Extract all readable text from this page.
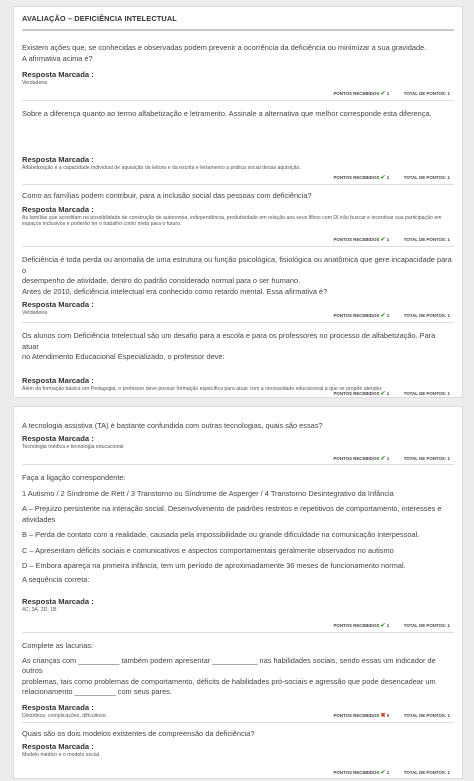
AVALIAÇÃO – DEFICIÊNCIA INTELECTUAL

Existem ações que, se conhecidas e observadas podem prevenir a ocorrência da deficiência ou minimizar a sua gravidade.

A afirmativa acima é?

Resposta Marcada :
Verdadeira
PONTOS RECEBIDOS ✔ 1	TOTAL DE PONTOS: 1

Sobre a diferença quanto ao termo alfabetização e letramento. Assinale a alternativa que melhor corresponde esta diferença.

Resposta Marcada :
Alfabetização é a capacidade individual de aquisição da leitura e da escrita e letramento a prática social dessa aquisição.
PONTOS RECEBIDOS ✔ 1	TOTAL DE PONTOS: 1

Como as famílias podem contribuir, para a inclusão social das pessoas com deficiência?

Resposta Marcada :
As famílias que acreditam na possibilidade de construção de autonomia, independência, produtividade em relação aos seus filhos com DI irão buscar e incentivar sua participação em espaços inclusivos e poderão ter o trabalho como meta para o futuro.
PONTOS RECEBIDOS ✔ 1	TOTAL DE PONTOS: 1

Deficiência é toda perda ou anomalia de uma estrutura ou função psicológica, fisiológica ou anatômica que gere incapacidade para o

desempenho de atividade, dentro do padrão considerado normal para o ser humano.

Antes de 2010, deficiência intelectual era conhecido como retardo mental. Essa afirmativa é?

Resposta Marcada :
Verdadeira	PONTOS RECEBIDOS ✔ 1	TOTAL DE PONTOS: 1

Os alunos com Deficiência Intelectual são um desafio para a escola e para os professores no processo de alfabetização. Para atuar

no Atendimento Educacional Especializado, o professor deve:

Resposta Marcada :
Além da formação básica em Pedagogia, o professor deve possuir formação específica para atuar com a necessidade educacional a que se propõe atender.
PONTOS RECEBIDOS ✔ 1	TOTAL DE PONTOS: 1

A tecnologia assistiva (TA) é bastante confundida com outras tecnologias, quais são essas?

Resposta Marcada :
Tecnologia médica e tecnologia educacional
PONTOS RECEBIDOS ✔ 1	TOTAL DE PONTOS: 1

Faça a ligação correspondente:

1 Autismo / 2 Síndrome de Rett / 3 Transtorno ou Síndrome de Asperger / 4 Transtorno Desintegrativo da Infância

A – Prejuízo persistente na interação social. Desenvolvimento de padrões restritos e repetitivos de comportamento, interesses e

atividades

B – Perda de contato com a realidade, causada pela impossibilidade ou grande dificuldade na comunicação interpessoal.

C – Apresentam déficits sociais e comunicativos e aspectos comportamentais geralmente observados no autismo

D – Embora apareça na primeira infância, tem um período de aproximadamente 36 meses de funcionamento normal.

A sequência correta:

Resposta Marcada :
4C, 3A, 2D, 1B
PONTOS RECEBIDOS ✔ 1	TOTAL DE PONTOS: 1

Complete as lacunas:

As crianças com __________ também podem apresentar ___________ nas habilidades sociais, sendo essas um indicador de outros

problemas, tais como problemas de comportamento, déficits de habilidades pró-sociais e agressão que pode desencadear um

relacionamento __________ com seus pares.

Resposta Marcada :
Distúrbios, complicações, difícultoso.	PONTOS RECEBIDOS ✖ 0	TOTAL DE PONTOS: 1

Quais são os dois modelos existentes de compreensão da deficiência?

Resposta Marcada :
Modelo médico e o modelo social.
PONTOS RECEBIDOS ✔ 1	TOTAL DE PONTOS: 1
